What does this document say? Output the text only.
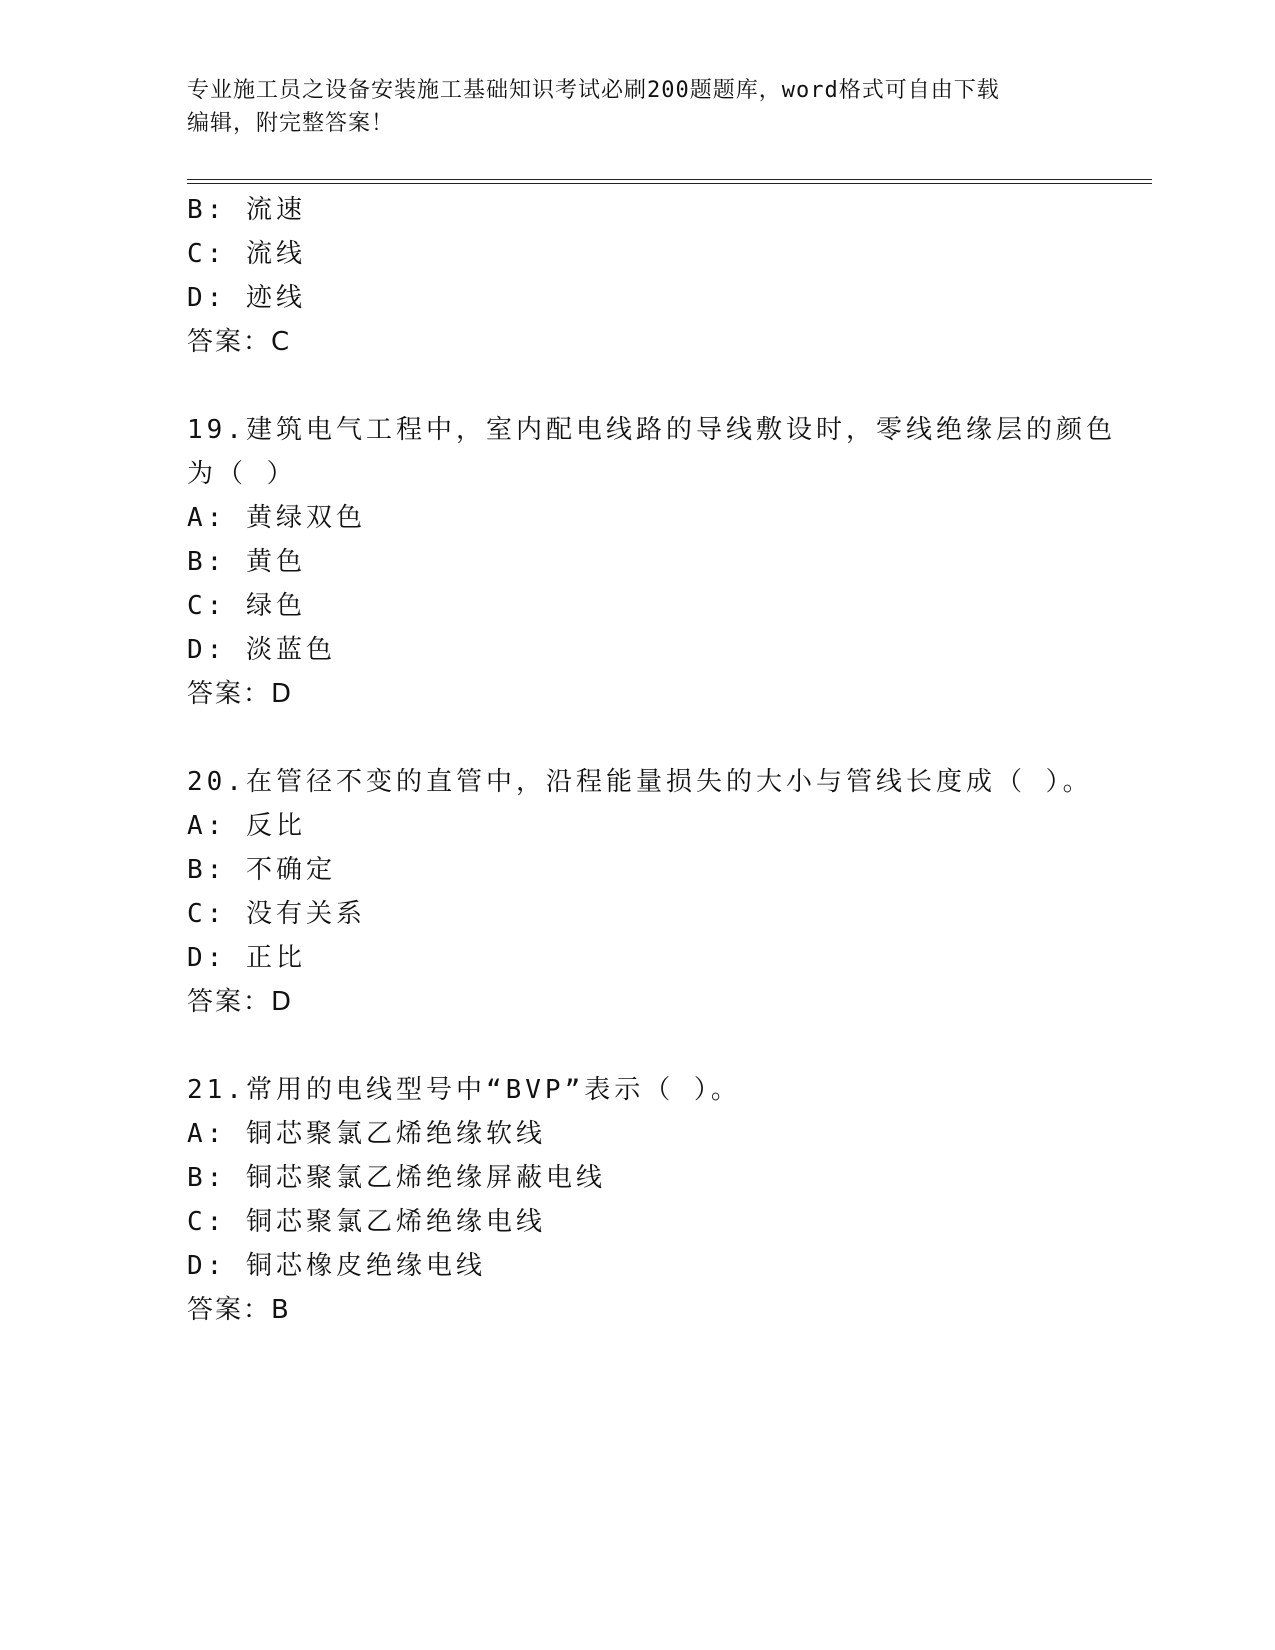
专业施工员之设备安装施工基础知识考试必刷200题题库，word格式可自由下载
编辑，附完整答案！
B: 流速
C: 流线
D: 迹线
答案：C
19.建筑电气工程中，室内配电线路的导线敷设时，零线绝缘层的颜色
为（ ）
A: 黄绿双色
B: 黄色
C: 绿色
D: 淡蓝色
答案：D
20.在管径不变的直管中，沿程能量损失的大小与管线长度成（ ）。
A: 反比
B: 不确定
C: 没有关系
D: 正比
答案：D
21.常用的电线型号中“BVP”表示（ ）。
A: 铜芯聚氯乙烯绝缘软线
B: 铜芯聚氯乙烯绝缘屏蔽电线
C: 铜芯聚氯乙烯绝缘电线
D: 铜芯橡皮绝缘电线
答案：B
